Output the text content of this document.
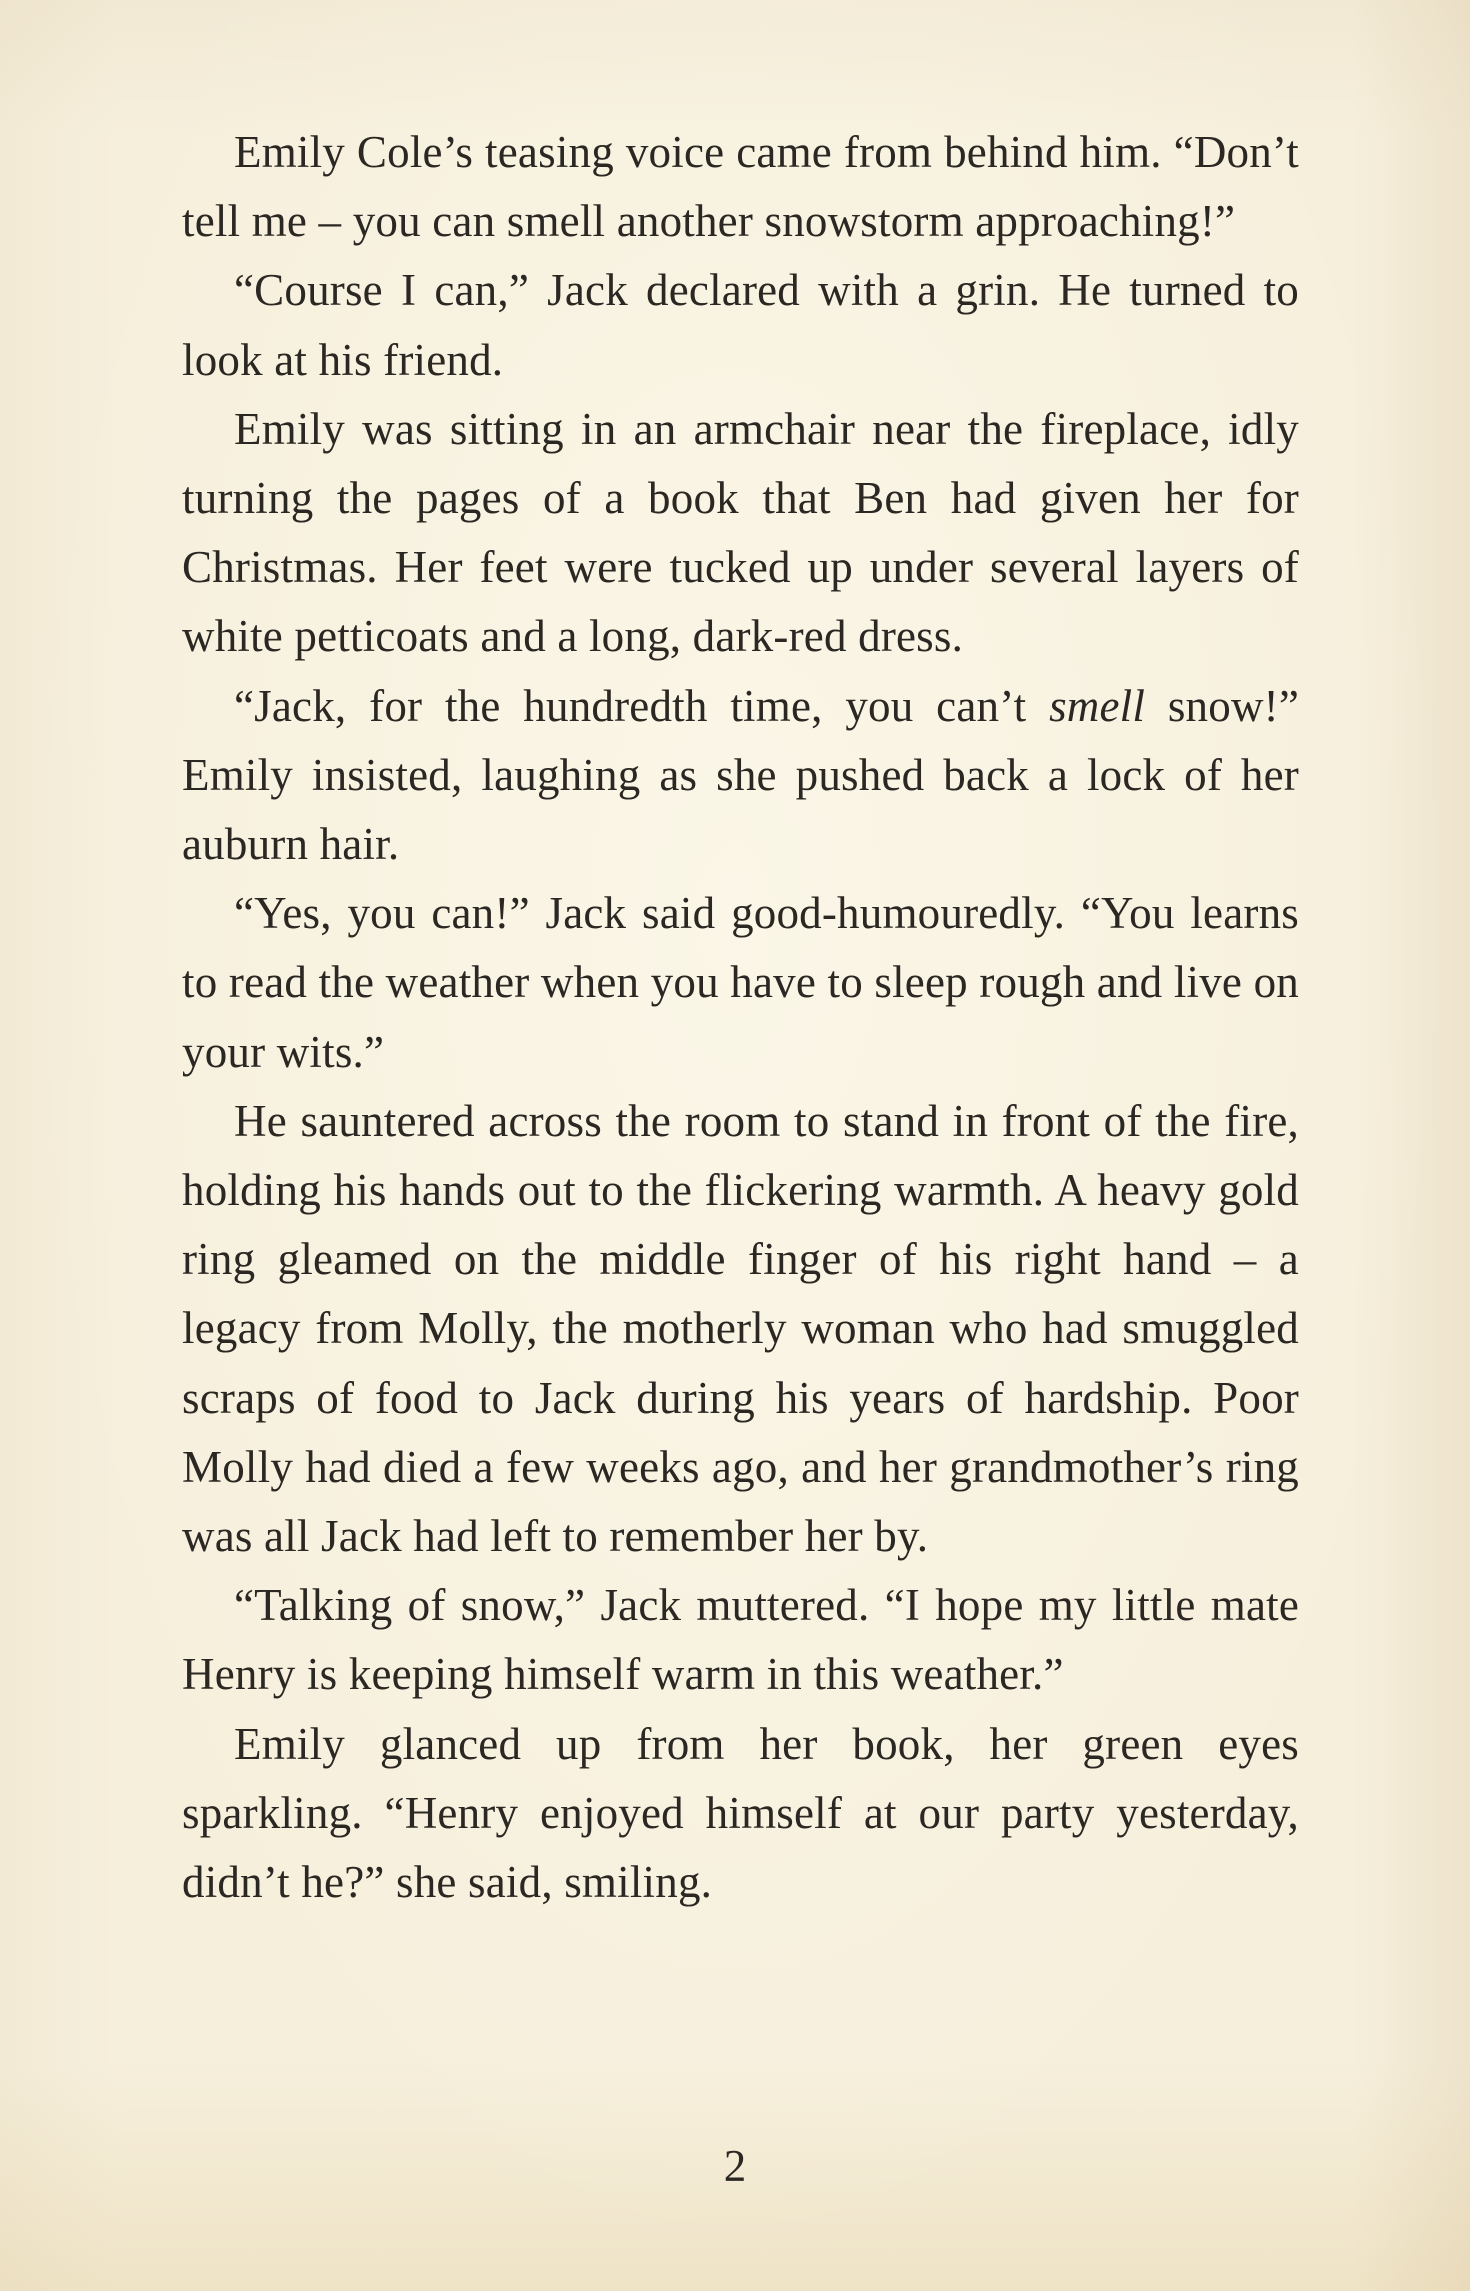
Emily Cole’s teasing voice came from behind him. “Don’t tell me – you can smell another snowstorm approaching!”

“Course I can,” Jack declared with a grin. He turned to look at his friend.

Emily was sitting in an armchair near the fireplace, idly turning the pages of a book that Ben had given her for Christmas. Her feet were tucked up under several layers of white petticoats and a long, dark-red dress.

“Jack, for the hundredth time, you can’t smell snow!” Emily insisted, laughing as she pushed back a lock of her auburn hair.

“Yes, you can!” Jack said good-humouredly. “You learns to read the weather when you have to sleep rough and live on your wits.”

He sauntered across the room to stand in front of the fire, holding his hands out to the flickering warmth. A heavy gold ring gleamed on the middle finger of his right hand – a legacy from Molly, the motherly woman who had smuggled scraps of food to Jack during his years of hardship. Poor Molly had died a few weeks ago, and her grandmother’s ring was all Jack had left to remember her by.

“Talking of snow,” Jack muttered. “I hope my little mate Henry is keeping himself warm in this weather.”

Emily glanced up from her book, her green eyes sparkling. “Henry enjoyed himself at our party yesterday, didn’t he?” she said, smiling.

2
